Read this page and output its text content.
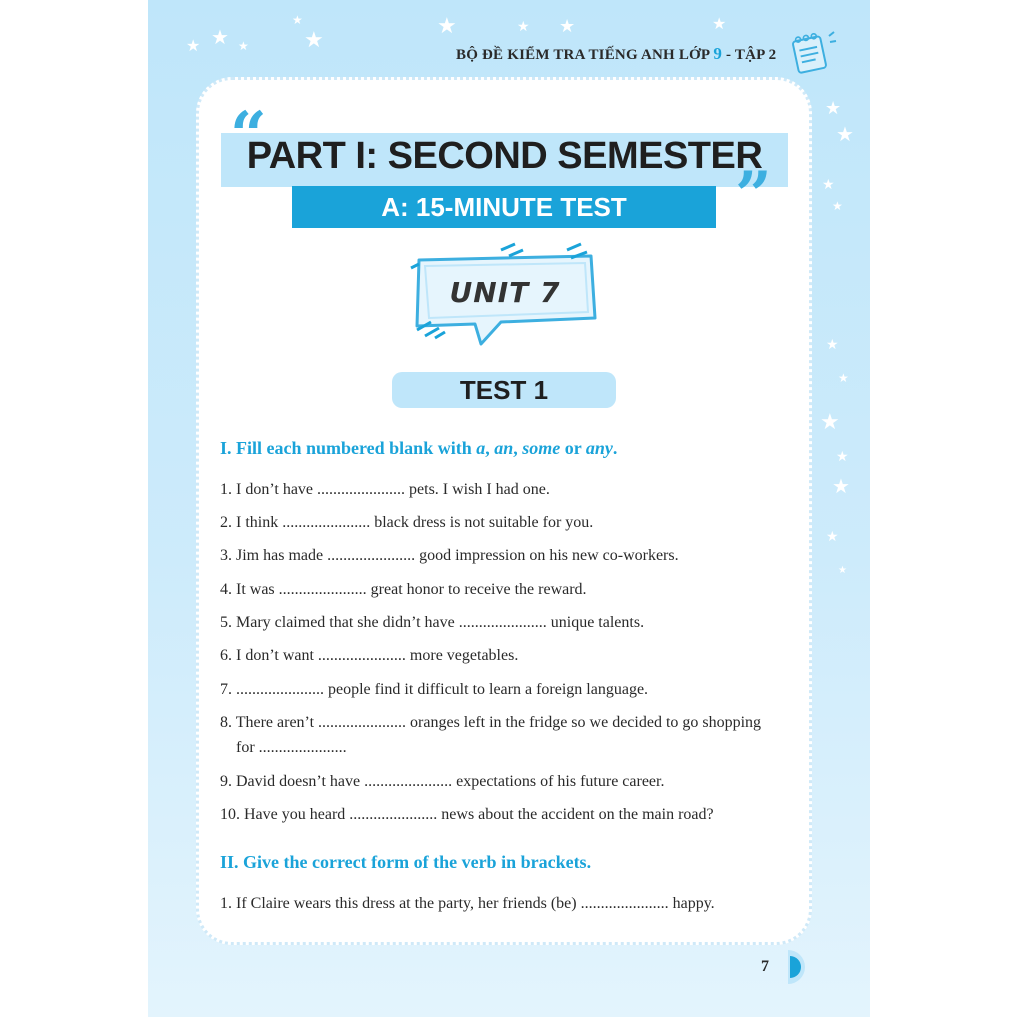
★ ★ ★	★
★	★	★ ★	★
★
★
★
★
★
★
★
★
★
★
★
BỘ ĐỀ KIỂM TRA TIẾNG ANH LỚP 9 - TẬP 2
PART I: SECOND SEMESTER
”
A: 15-MINUTE TEST
UNIT 7
TEST 1
I. Fill each numbered blank with a, an, some or any.
1. I don’t have ...................... pets. I wish I had one.
2. I think ...................... black dress is not suitable for you.
3. Jim has made ...................... good impression on his new co-workers.
4. It was ...................... great honor to receive the reward.
5. Mary claimed that she didn’t have ...................... unique talents.
6. I don’t want ...................... more vegetables.
7. ...................... people find it difficult to learn a foreign language.
8. There aren’t ...................... oranges left in the fridge so we decided to go shopping
for ......................
9. David doesn’t have ...................... expectations of his future career.
10. Have you heard ...................... news about the accident on the main road?
II. Give the correct form of the verb in brackets.
1. If Claire wears this dress at the party, her friends (be) ...................... happy.
7
